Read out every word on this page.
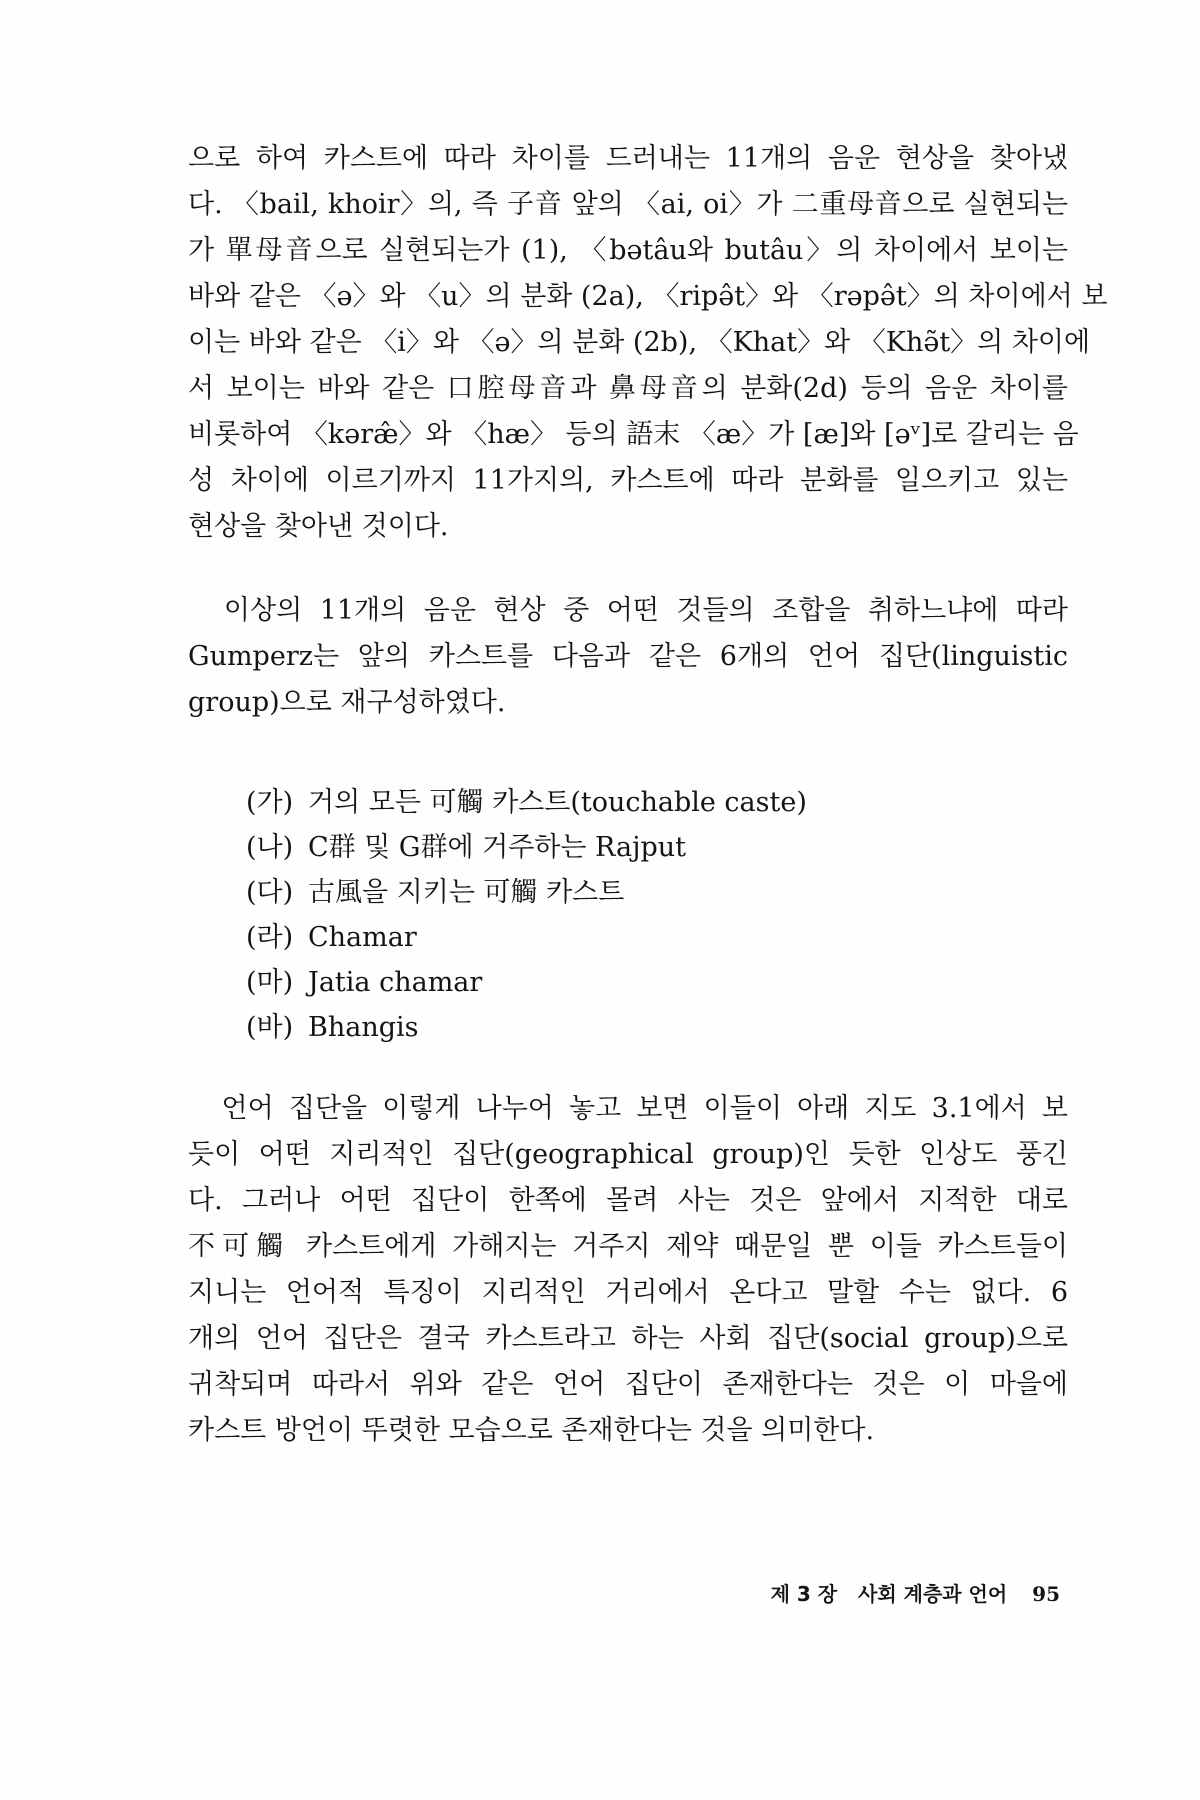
으로 하여 카스트에 따라 차이를 드러내는 11개의 음운 현상을 찾아냈
다. 〈bail, khoir〉의, 즉 子音 앞의 〈ai, oi〉가 二重母音으로 실현되는
가 單母音으로 실현되는가 (1), 〈bətâu와 butâu〉의 차이에서 보이는
바와 같은 〈ə〉와 〈u〉의 분화 (2a), 〈ripə̂t〉와 〈rəpə̂t〉의 차이에서 보
이는 바와 같은 〈i〉와 〈ə〉의 분화 (2b), 〈Khat〉와 〈Khə̃t〉의 차이에
서 보이는 바와 같은 口腔母音과 鼻母音의 분화(2d) 등의 음운 차이를
비롯하여 〈kəræ̂〉와 〈hæ〉 등의 語末 〈æ〉가 [æ]와 [əᵛ]로 갈리는 음
성 차이에 이르기까지 11가지의, 카스트에 따라 분화를 일으키고 있는
현상을 찾아낸 것이다.
　이상의 11개의 음운 현상 중 어떤 것들의 조합을 취하느냐에 따라
Gumperz는 앞의 카스트를 다음과 같은 6개의 언어 집단(linguistic
group)으로 재구성하였다.
(가) 거의 모든 可觸 카스트(touchable caste)
(나) C群 및 G群에 거주하는 Rajput
(다) 古風을 지키는 可觸 카스트
(라) Chamar
(마) Jatia chamar
(바) Bhangis
　언어 집단을 이렇게 나누어 놓고 보면 이들이 아래 지도 3.1에서 보
듯이 어떤 지리적인 집단(geographical group)인 듯한 인상도 풍긴
다. 그러나 어떤 집단이 한쪽에 몰려 사는 것은 앞에서 지적한 대로
不可觸 카스트에게 가해지는 거주지 제약 때문일 뿐 이들 카스트들이
지니는 언어적 특징이 지리적인 거리에서 온다고 말할 수는 없다. 6
개의 언어 집단은 결국 카스트라고 하는 사회 집단(social group)으로
귀착되며 따라서 위와 같은 언어 집단이 존재한다는 것은 이 마을에
카스트 방언이 뚜렷한 모습으로 존재한다는 것을 의미한다.
제 3 장 사회 계층과 언어 95
